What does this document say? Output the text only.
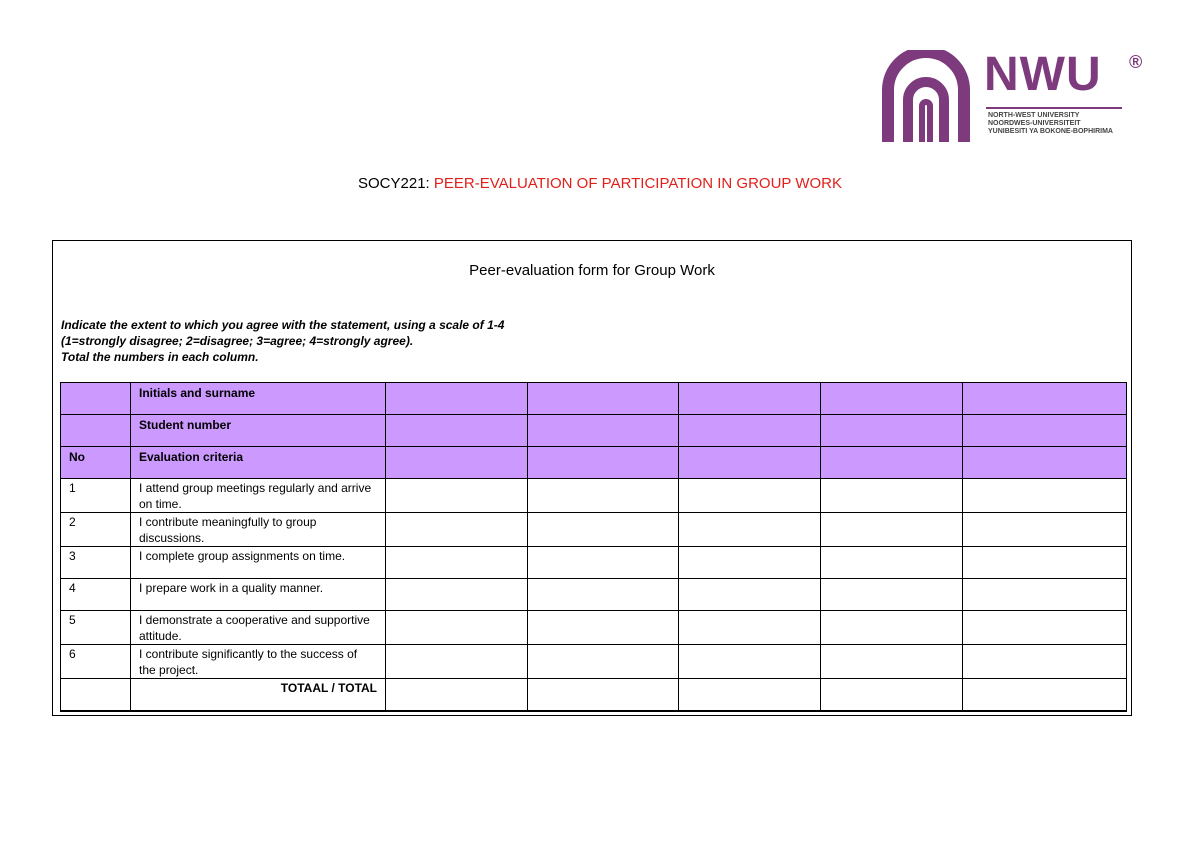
NWU ®
NORTH-WEST UNIVERSITY
NOORDWES-UNIVERSITEIT
YUNIBESITI YA BOKONE-BOPHIRIMA
SOCY221: PEER-EVALUATION OF PARTICIPATION IN GROUP WORK
Peer-evaluation form for Group Work
Indicate the extent to which you agree with the statement, using a scale of 1-4
(1=strongly disagree; 2=disagree; 3=agree; 4=strongly agree).
Total the numbers in each column.
	Initials and surname					
	Student number					
No	Evaluation criteria					
1	I attend group meetings regularly and arrive on time.					
2	I contribute meaningfully to group discussions.					
3	I complete group assignments on time.					
4	I prepare work in a quality manner.					
5	I demonstrate a cooperative and supportive attitude.					
6	I contribute significantly to the success of the project.					
	TOTAAL / TOTAL					
